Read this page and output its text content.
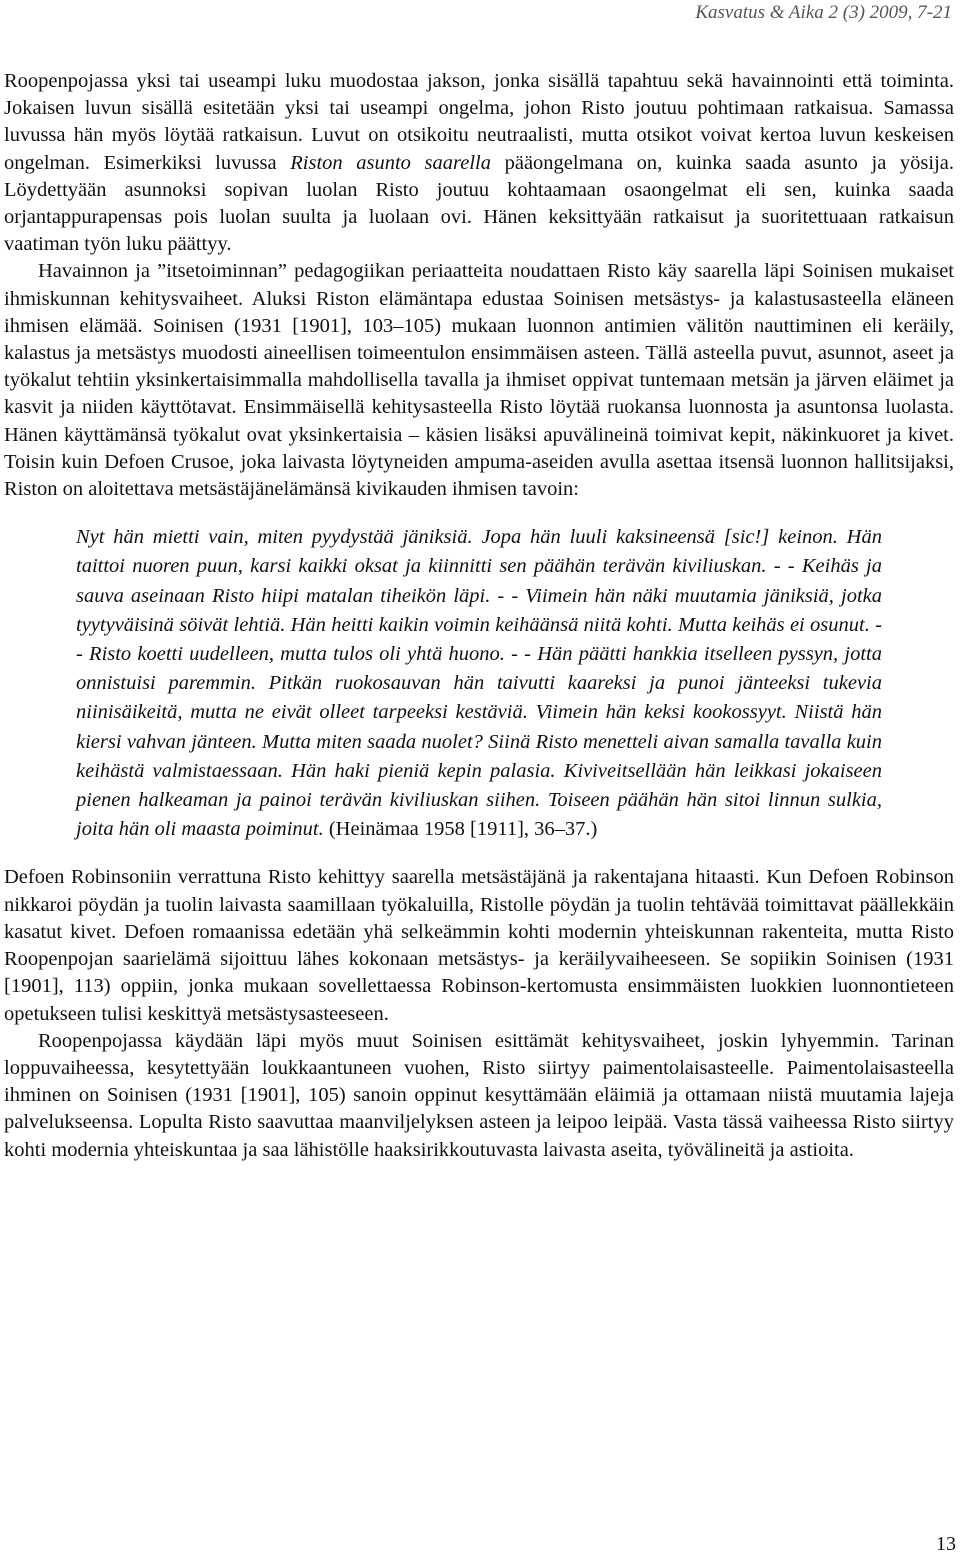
Kasvatus & Aika 2 (3) 2009, 7-21

Roopenpojassa yksi tai useampi luku muodostaa jakson, jonka sisällä tapahtuu sekä havainnointi että toiminta. Jokaisen luvun sisällä esitetään yksi tai useampi ongelma, johon Risto joutuu pohtimaan ratkaisua. Samassa luvussa hän myös löytää ratkaisun. Luvut on otsikoitu neutraalisti, mutta otsikot voivat kertoa luvun keskeisen ongelman. Esimerkiksi luvussa Riston asunto saarella pääongelmana on, kuinka saada asunto ja yösija. Löydettyään asunnoksi sopivan luolan Risto joutuu kohtaamaan osaongelmat eli sen, kuinka saada orjantappurapensas pois luolan suulta ja luolaan ovi. Hänen keksittyään ratkaisut ja suoritettuaan ratkaisun vaatiman työn luku päättyy.

Havainnon ja ”itsetoiminnan” pedagogiikan periaatteita noudattaen Risto käy saarella läpi Soinisen mukaiset ihmiskunnan kehitysvaiheet. Aluksi Riston elämäntapa edustaa Soinisen metsästys- ja kalastusasteella eläneen ihmisen elämää. Soinisen (1931 [1901], 103–105) mukaan luonnon antimien välitön nauttiminen eli keräily, kalastus ja metsästys muodosti aineellisen toimeentulon ensimmäisen asteen. Tällä asteella puvut, asunnot, aseet ja työkalut tehtiin yksinkertaisimmalla mahdollisella tavalla ja ihmiset oppivat tuntemaan metsän ja järven eläimet ja kasvit ja niiden käyttötavat. Ensimmäisellä kehitysasteella Risto löytää ruokansa luonnosta ja asuntonsa luolasta. Hänen käyttämänsä työkalut ovat yksinkertaisia – käsien lisäksi apuvälineinä toimivat kepit, näkinkuoret ja kivet. Toisin kuin Defoen Crusoe, joka laivasta löytyneiden ampuma-aseiden avulla asettaa itsensä luonnon hallitsijaksi, Riston on aloitettava metsästäjänelämänsä kivikauden ihmisen tavoin:

Nyt hän mietti vain, miten pyydystää jäniksiä. Jopa hän luuli kaksineensä [sic!] keinon. Hän taittoi nuoren puun, karsi kaikki oksat ja kiinnitti sen päähän terävän kiviliuskan. - - Keihäs ja sauva aseinaan Risto hiipi matalan tiheikön läpi. - - Viimein hän näki muutamia jäniksiä, jotka tyytyväisinä söivät lehtiä. Hän heitti kaikin voimin keihäänsä niitä kohti. Mutta keihäs ei osunut. - - Risto koetti uudelleen, mutta tulos oli yhtä huono. - - Hän päätti hankkia itselleen pyssyn, jotta onnistuisi paremmin. Pitkän ruokosauvan hän taivutti kaareksi ja punoi jänteeksi tukevia niinisäikeitä, mutta ne eivät olleet tarpeeksi kestäviä. Viimein hän keksi kookossyyt. Niistä hän kiersi vahvan jänteen. Mutta miten saada nuolet? Siinä Risto menetteli aivan samalla tavalla kuin keihästä valmistaessaan. Hän haki pieniä kepin palasia. Kiviveitsellään hän leikkasi jokaiseen pienen halkeaman ja painoi terävän kiviliuskan siihen. Toiseen päähän hän sitoi linnun sulkia, joita hän oli maasta poiminut. (Heinämaa 1958 [1911], 36–37.)

Defoen Robinsoniin verrattuna Risto kehittyy saarella metsästäjänä ja rakentajana hitaasti. Kun Defoen Robinson nikkaroi pöydän ja tuolin laivasta saamillaan työkaluilla, Ristolle pöydän ja tuolin tehtävää toimittavat päällekkäin kasatut kivet. Defoen romaanissa edetään yhä selkeämmin kohti modernin yhteiskunnan rakenteita, mutta Risto Roopenpojan saarielämä sijoittuu lähes kokonaan metsästys- ja keräilyvaiheeseen. Se sopiikin Soinisen (1931 [1901], 113) oppiin, jonka mukaan sovellettaessa Robinson-kertomusta ensimmäisten luokkien luonnontieteen opetukseen tulisi keskittyä metsästysasteeseen.

Roopenpojassa käydään läpi myös muut Soinisen esittämät kehitysvaiheet, joskin lyhyemmin. Tarinan loppuvaiheessa, kesytettyään loukkaantuneen vuohen, Risto siirtyy paimentolaisasteelle. Paimentolaisasteella ihminen on Soinisen (1931 [1901], 105) sanoin oppinut kesyttämään eläimiä ja ottamaan niistä muutamia lajeja palvelukseensa. Lopulta Risto saavuttaa maanviljelyksen asteen ja leipoo leipää. Vasta tässä vaiheessa Risto siirtyy kohti modernia yhteiskuntaa ja saa lähistölle haaksirikkoutuvasta laivasta aseita, työvälineitä ja astioita.

13
